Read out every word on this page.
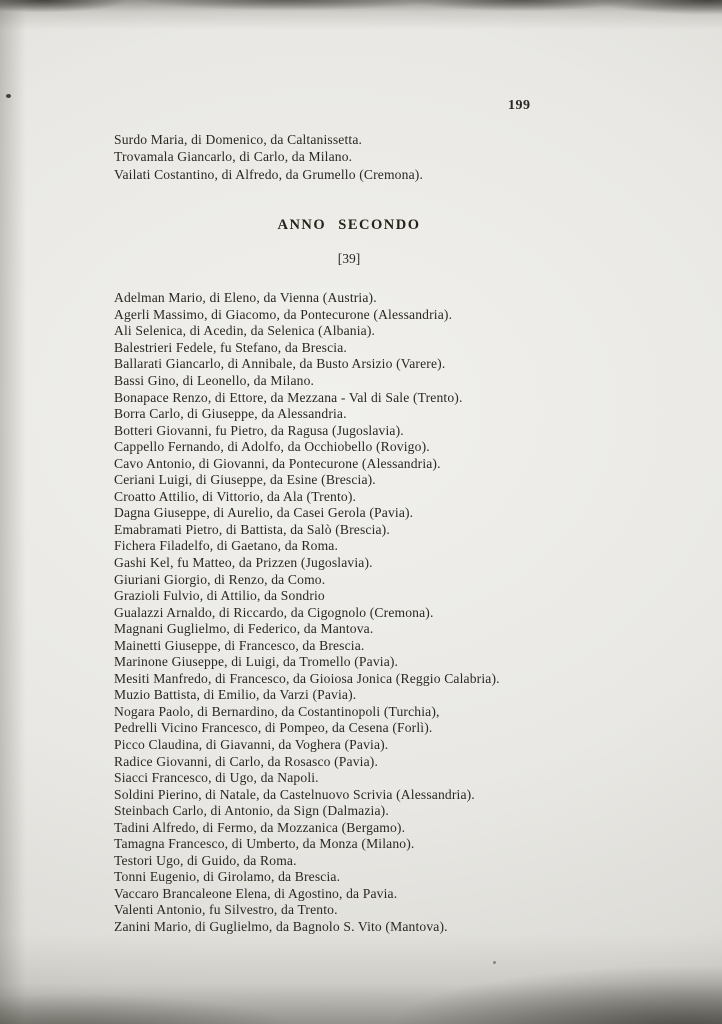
199
Surdo Maria, di Domenico, da Caltanissetta.
Trovamala Giancarlo, di Carlo, da Milano.
Vailati Costantino, di Alfredo, da Grumello (Cremona).
ANNO SECONDO
[39]
Adelman Mario, di Eleno, da Vienna (Austria).
Agerli Massimo, di Giacomo, da Pontecurone (Alessandria).
Ali Selenica, di Acedin, da Selenica (Albania).
Balestrieri Fedele, fu Stefano, da Brescia.
Ballarati Giancarlo, di Annibale, da Busto Arsizio (Varere).
Bassi Gino, di Leonello, da Milano.
Bonapace Renzo, di Ettore, da Mezzana - Val di Sale (Trento).
Borra Carlo, di Giuseppe, da Alessandria.
Botteri Giovanni, fu Pietro, da Ragusa (Jugoslavia).
Cappello Fernando, di Adolfo, da Occhiobello (Rovigo).
Cavo Antonio, di Giovanni, da Pontecurone (Alessandria).
Ceriani Luigi, di Giuseppe, da Esine (Brescia).
Croatto Attilio, di Vittorio, da Ala (Trento).
Dagna Giuseppe, di Aurelio, da Casei Gerola (Pavia).
Emabramati Pietro, di Battista, da Salò (Brescia).
Fichera Filadelfo, di Gaetano, da Roma.
Gashi Kel, fu Matteo, da Prizzen (Jugoslavia).
Giuriani Giorgio, di Renzo, da Como.
Grazioli Fulvio, di Attilio, da Sondrio
Gualazzi Arnaldo, di Riccardo, da Cigognolo (Cremona).
Magnani Guglielmo, di Federico, da Mantova.
Mainetti Giuseppe, di Francesco, da Brescia.
Marinone Giuseppe, di Luigi, da Tromello (Pavia).
Mesiti Manfredo, di Francesco, da Gioiosa Jonica (Reggio Calabria).
Muzio Battista, di Emilio, da Varzi (Pavia).
Nogara Paolo, di Bernardino, da Costantinopoli (Turchia),
Pedrelli Vicino Francesco, di Pompeo, da Cesena (Forlì).
Picco Claudina, di Giavanni, da Voghera (Pavia).
Radice Giovanni, di Carlo, da Rosasco (Pavia).
Siacci Francesco, di Ugo, da Napoli.
Soldini Pierino, di Natale, da Castelnuovo Scrivia (Alessandria).
Steinbach Carlo, di Antonio, da Sign (Dalmazia).
Tadini Alfredo, di Fermo, da Mozzanica (Bergamo).
Tamagna Francesco, di Umberto, da Monza (Milano).
Testori Ugo, di Guido, da Roma.
Tonni Eugenio, di Girolamo, da Brescia.
Vaccaro Brancaleone Elena, di Agostino, da Pavia.
Valenti Antonio, fu Silvestro, da Trento.
Zanini Mario, di Guglielmo, da Bagnolo S. Vito (Mantova).
